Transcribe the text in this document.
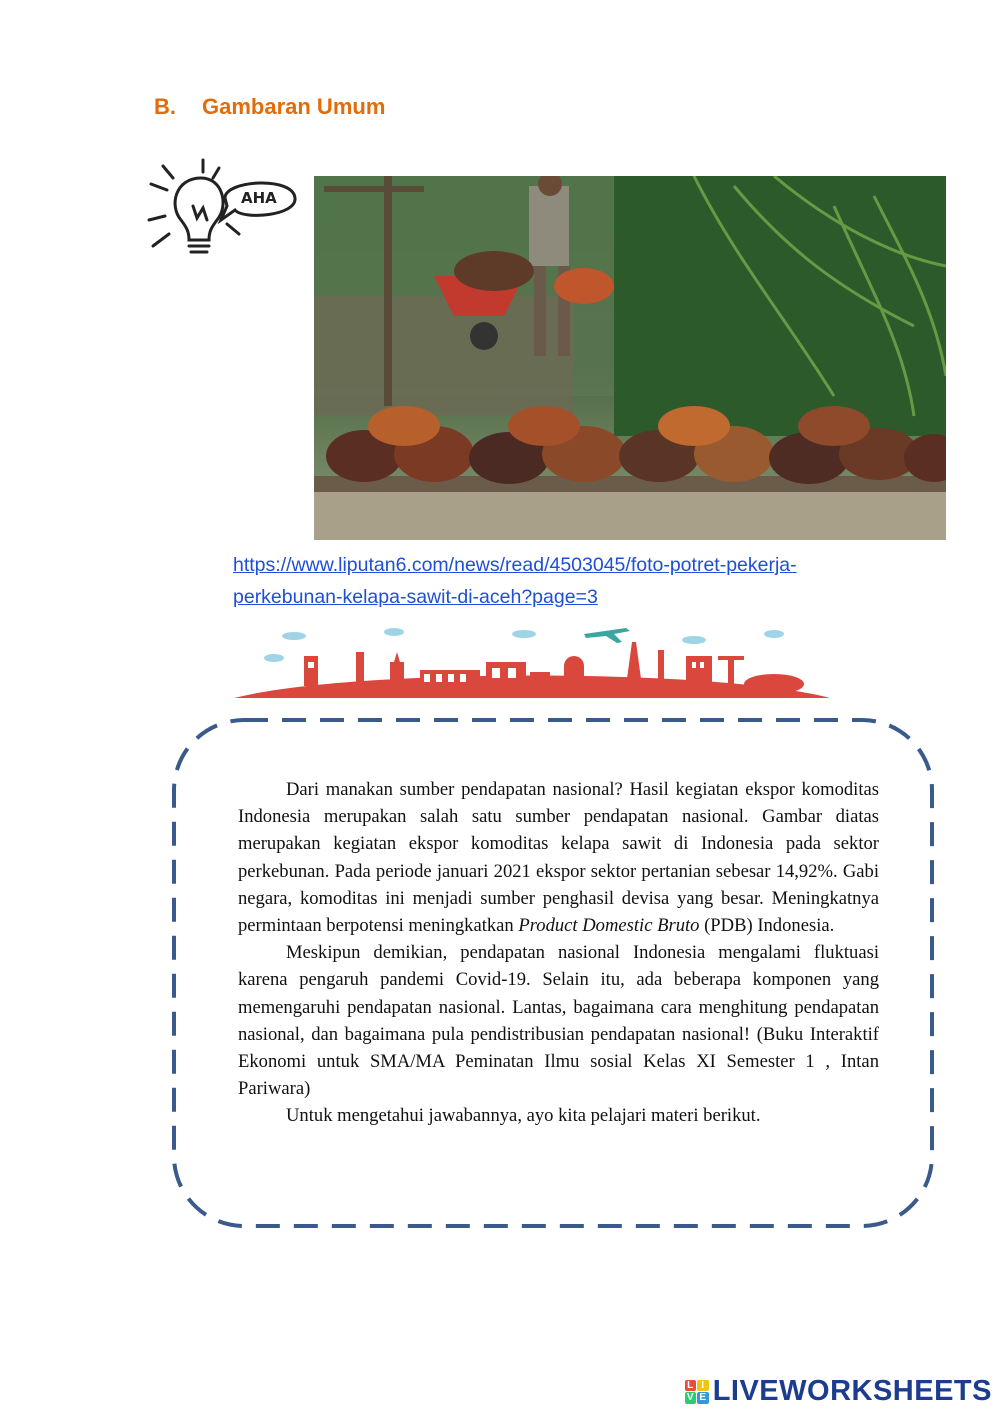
B. Gambaran Umum
AHA
https://www.liputan6.com/news/read/4503045/foto-potret-pekerja-
perkebunan-kelapa-sawit-di-aceh?page=3

Dari manakan sumber pendapatan nasional? Hasil kegiatan ekspor komoditas Indonesia merupakan salah satu sumber pendapatan nasional. Gambar diatas merupakan kegiatan ekspor komoditas kelapa sawit di Indonesia pada sektor perkebunan. Pada periode januari 2021 ekspor sektor pertanian sebesar 14,92%. Gabi negara, komoditas ini menjadi sumber penghasil devisa yang besar. Meningkatnya permintaan berpotensi meningkatkan Product Domestic Bruto (PDB) Indonesia.

Meskipun demikian, pendapatan nasional Indonesia mengalami fluktuasi karena pengaruh pandemi Covid-19. Selain itu, ada beberapa komponen yang memengaruhi pendapatan nasional. Lantas, bagaimana cara menghitung pendapatan nasional, dan bagaimana pula pendistribusian pendapatan nasional! (Buku Interaktif Ekonomi untuk SMA/MA Peminatan Ilmu sosial Kelas XI Semester 1 , Intan Pariwara)

Untuk mengetahui jawabannya, ayo kita pelajari materi berikut.

L I
V E LIVEWORKSHEETS
